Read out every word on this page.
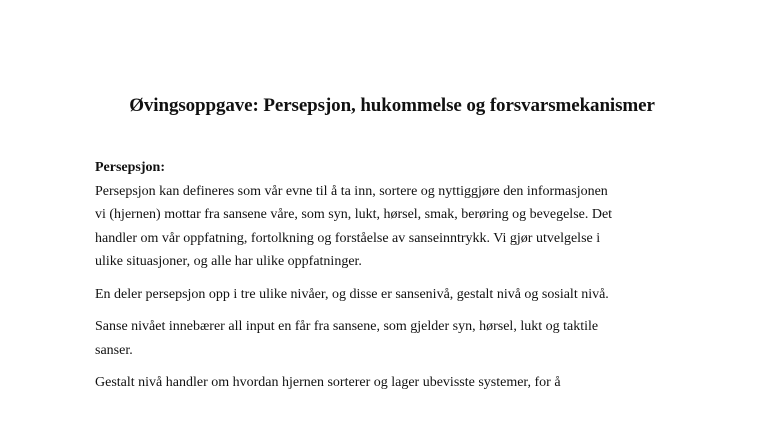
Øvingsoppgave: Persepsjon, hukommelse og forsvarsmekanismer

Persepsjon:

Persepsjon kan defineres som vår evne til å ta inn, sortere og nyttiggjøre den informasjonen
vi (hjernen) mottar fra sansene våre, som syn, lukt, hørsel, smak, berøring og bevegelse. Det
handler om vår oppfatning, fortolkning og forståelse av sanseinntrykk. Vi gjør utvelgelse i
ulike situasjoner, og alle har ulike oppfatninger.
En deler persepsjon opp i tre ulike nivåer, og disse er sansenivå, gestalt nivå og sosialt nivå.
Sanse nivået innebærer all input en får fra sansene, som gjelder syn, hørsel, lukt og taktile
sanser.
Gestalt nivå handler om hvordan hjernen sorterer og lager ubevisste systemer, for å
